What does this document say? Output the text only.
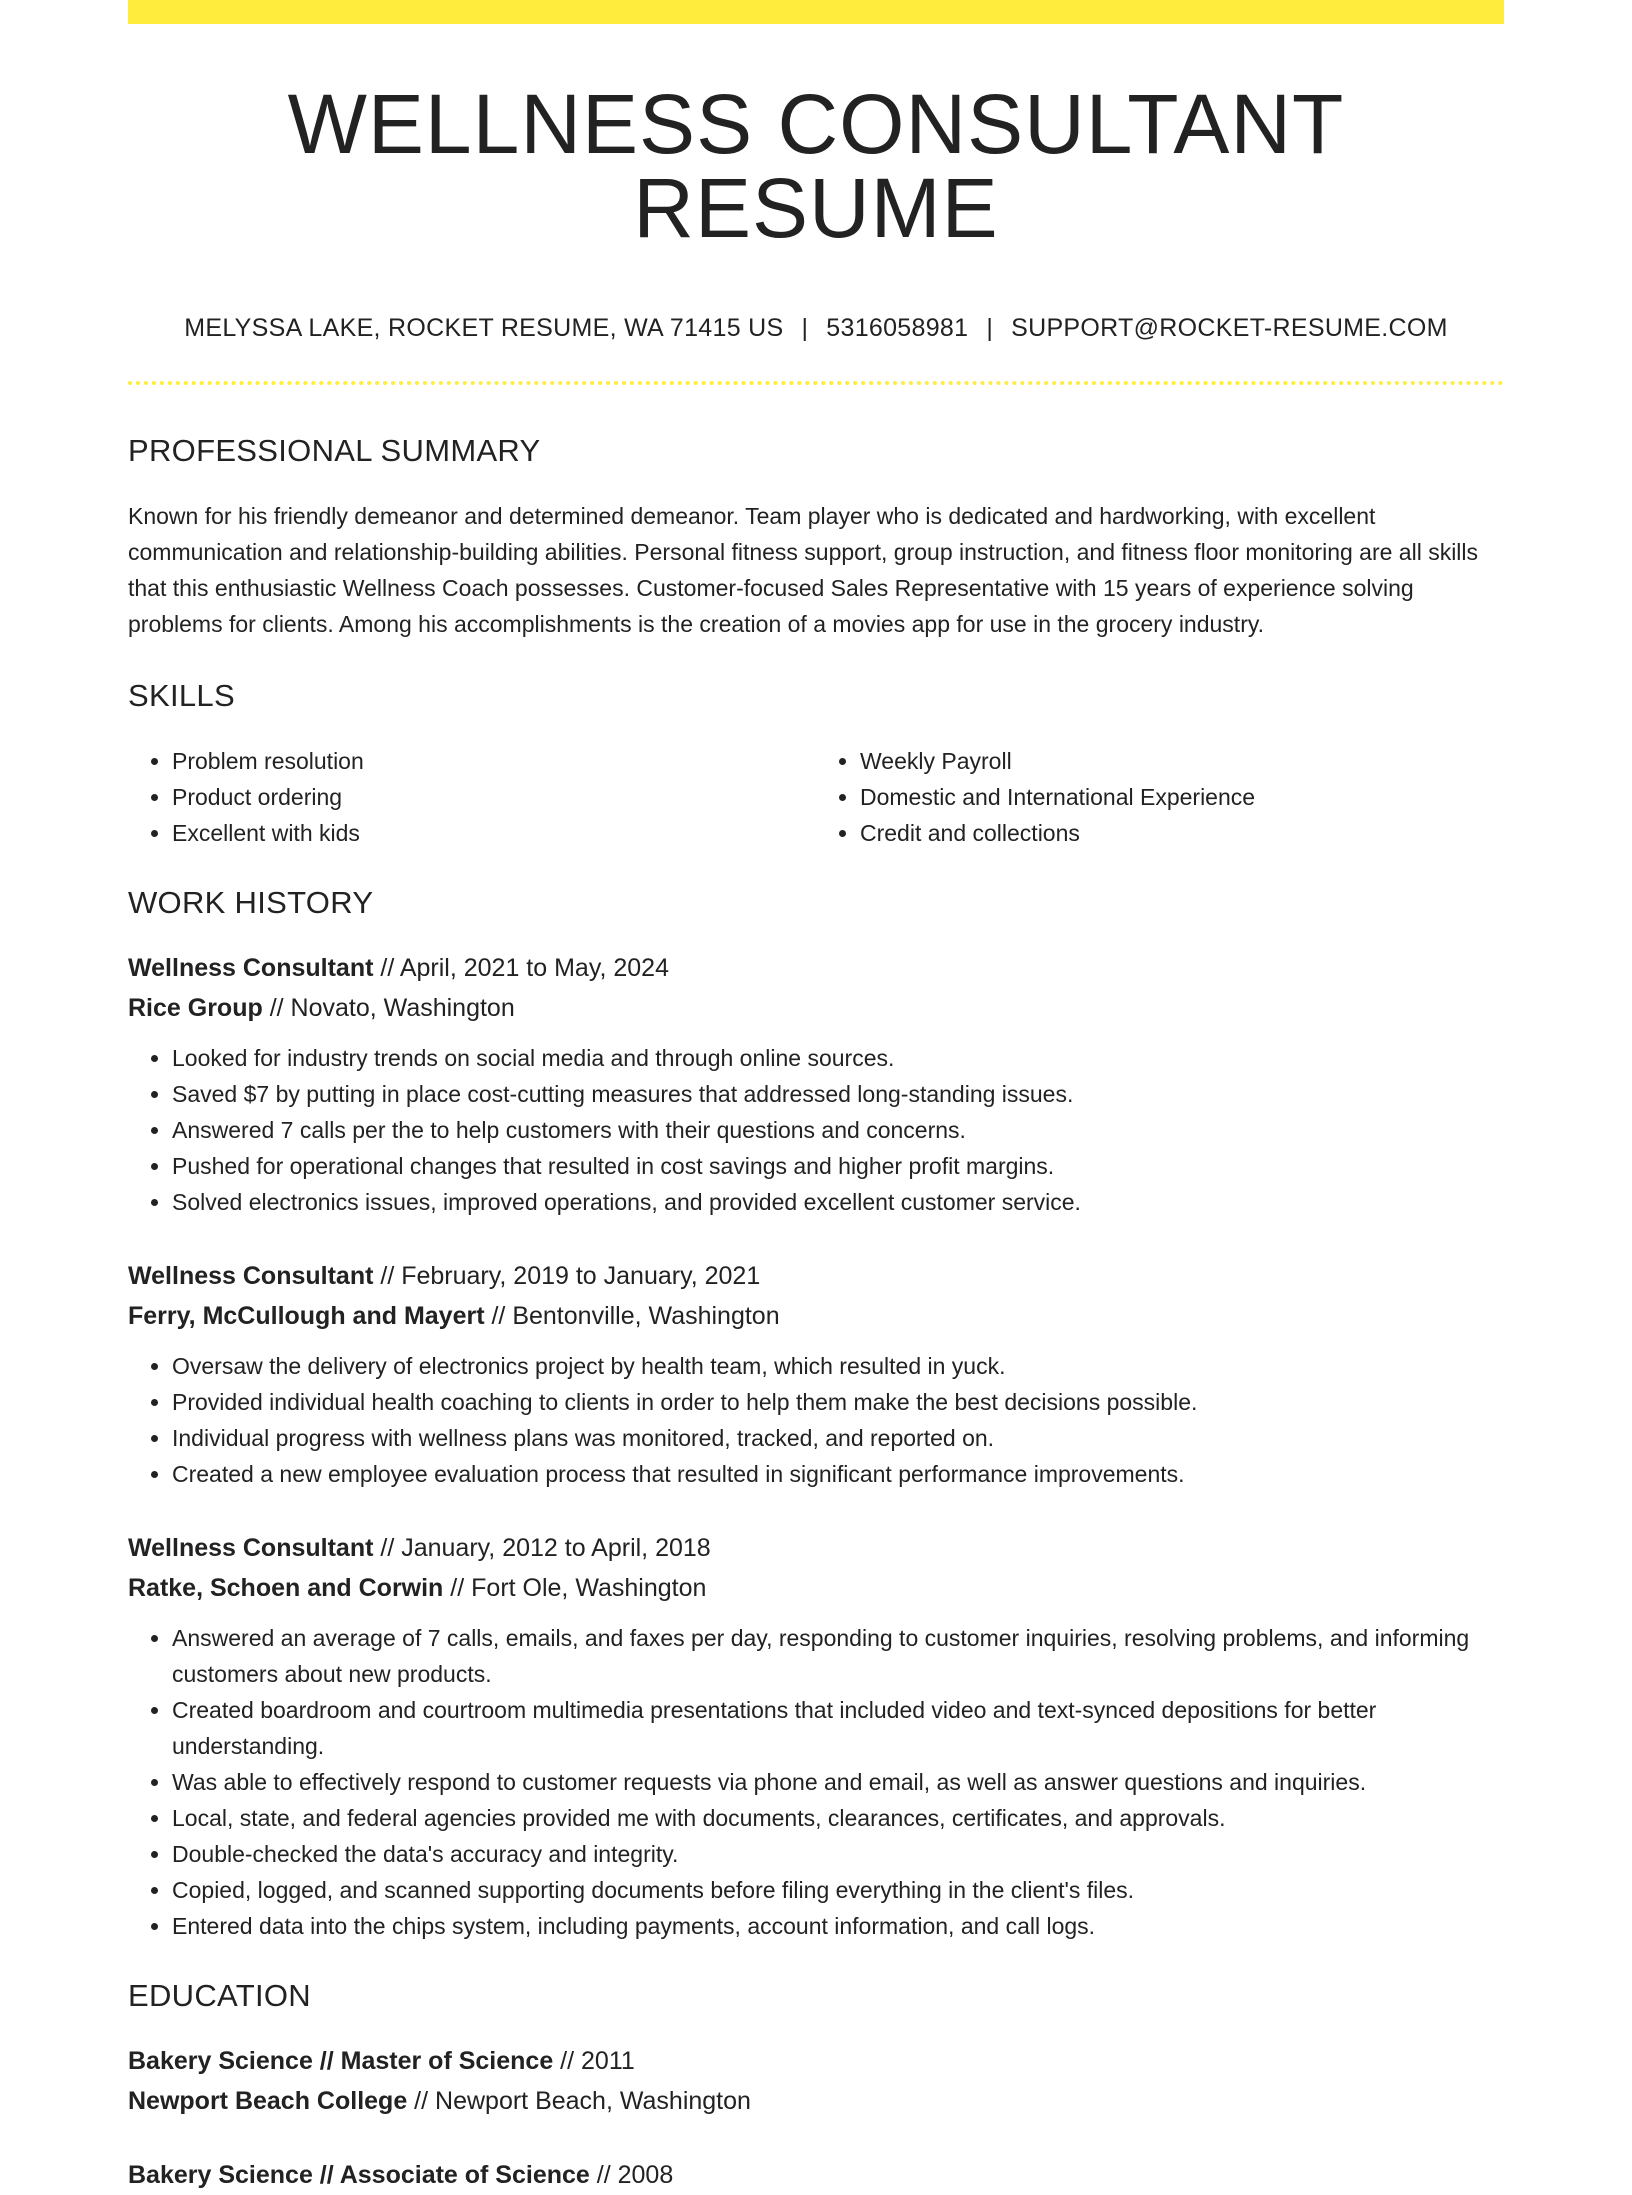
WELLNESS CONSULTANT RESUME
MELYSSA LAKE, ROCKET RESUME, WA 71415 US | 5316058981 | SUPPORT@ROCKET-RESUME.COM
PROFESSIONAL SUMMARY

Known for his friendly demeanor and determined demeanor. Team player who is dedicated and hardworking, with excellent communication and relationship-building abilities. Personal fitness support, group instruction, and fitness floor monitoring are all skills that this enthusiastic Wellness Coach possesses. Customer-focused Sales Representative with 15 years of experience solving problems for clients. Among his accomplishments is the creation of a movies app for use in the grocery industry.

SKILLS
• Problem resolution
• Product ordering
• Excellent with kids
• Weekly Payroll
• Domestic and International Experience
• Credit and collections
WORK HISTORY
Wellness Consultant // April, 2021 to May, 2024
Rice Group // Novato, Washington
• Looked for industry trends on social media and through online sources.
• Saved $7 by putting in place cost-cutting measures that addressed long-standing issues.
• Answered 7 calls per the to help customers with their questions and concerns.
• Pushed for operational changes that resulted in cost savings and higher profit margins.
• Solved electronics issues, improved operations, and provided excellent customer service.
Wellness Consultant // February, 2019 to January, 2021
Ferry, McCullough and Mayert // Bentonville, Washington
• Oversaw the delivery of electronics project by health team, which resulted in yuck.
• Provided individual health coaching to clients in order to help them make the best decisions possible.
• Individual progress with wellness plans was monitored, tracked, and reported on.
• Created a new employee evaluation process that resulted in significant performance improvements.
Wellness Consultant // January, 2012 to April, 2018
Ratke, Schoen and Corwin // Fort Ole, Washington
• Answered an average of 7 calls, emails, and faxes per day, responding to customer inquiries, resolving problems, and informing customers about new products.
• Created boardroom and courtroom multimedia presentations that included video and text-synced depositions for better understanding.
• Was able to effectively respond to customer requests via phone and email, as well as answer questions and inquiries.
• Local, state, and federal agencies provided me with documents, clearances, certificates, and approvals.
• Double-checked the data's accuracy and integrity.
• Copied, logged, and scanned supporting documents before filing everything in the client's files.
• Entered data into the chips system, including payments, account information, and call logs.
EDUCATION
Bakery Science // Master of Science // 2011
Newport Beach College // Newport Beach, Washington
Bakery Science // Associate of Science // 2008
